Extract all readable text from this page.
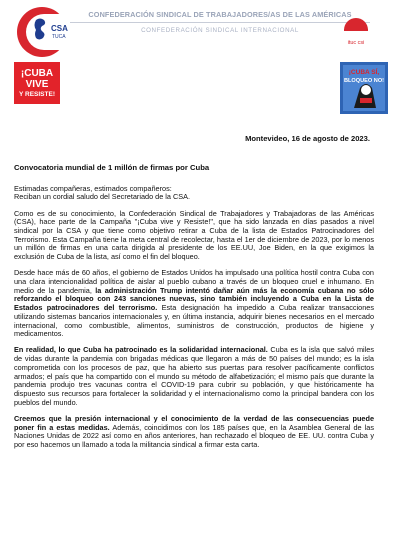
CSA
TUCA
CONFEDERACIÓN SINDICAL DE TRABAJADORES/AS DE LAS AMÉRICAS
CONFEDERACIÓN SINDICAL INTERNACIONAL
ituc csi
¡CUBA
VIVE
Y RESISTE!
¡CUBA SÍ,
BLOQUEO NO!
Montevideo, 16 de agosto de 2023.

Convocatoria mundial de 1 millón de firmas por Cuba

Estimadas compañeras, estimados compañeros:
Reciban un cordial saludo del Secretariado de la CSA.

Como es de su conocimiento, la Confederación Sindical de Trabajadores y Trabajadoras de las Américas (CSA), hace parte de la Campaña "¡Cuba vive y Resiste!", que ha sido lanzada en días pasados a nivel sindical por la CSA y que tiene como objetivo retirar a Cuba de la lista de Estados Patrocinadores del Terrorismo. Esta Campaña tiene la meta central de recolectar, hasta el 1er de diciembre de 2023, por lo menos un millón de firmas en una carta dirigida al presidente de los EE.UU, Joe Biden, en la que exigimos la exclusión de Cuba de la lista, así como el fin del bloqueo.

Desde hace más de 60 años, el gobierno de Estados Unidos ha impulsado una política hostil contra Cuba con una clara intencionalidad política de aislar al pueblo cubano a través de un bloqueo cruel e inhumano. En medio de la pandemia, la administración Trump intentó dañar aún más la economía cubana no sólo reforzando el bloqueo con 243 sanciones nuevas, sino también incluyendo a Cuba en la Lista de Estados patrocinadores del terrorismo. Esta designación ha impedido a Cuba realizar transacciones utilizando sistemas bancarios internacionales y, en última instancia, adquirir bienes necesarios en el mercado internacional, como combustible, alimentos, suministros de construcción, productos de higiene y medicamentos.

En realidad, lo que Cuba ha patrocinado es la solidaridad internacional. Cuba es la isla que salvó miles de vidas durante la pandemia con brigadas médicas que llegaron a más de 50 países del mundo; es la isla comprometida con los procesos de paz, que ha abierto sus puertas para resolver pacíficamente conflictos armados; el país que ha compartido con el mundo su método de alfabetización; el mismo país que durante la pandemia produjo tres vacunas contra el COVID-19 para cubrir su población, y que históricamente ha dispuesto sus recursos para fortalecer la solidaridad y el internacionalismo como la principal bandera con los pueblos del mundo.

Creemos que la presión internacional y el conocimiento de la verdad de las consecuencias puede poner fin a estas medidas. Además, coincidimos con los 185 países que, en la Asamblea General de las Naciones Unidas de 2022 así como en años anteriores, han rechazado el bloqueo de EE. UU. contra Cuba y por eso hacemos un llamado a toda la militancia sindical a firmar esta carta.
